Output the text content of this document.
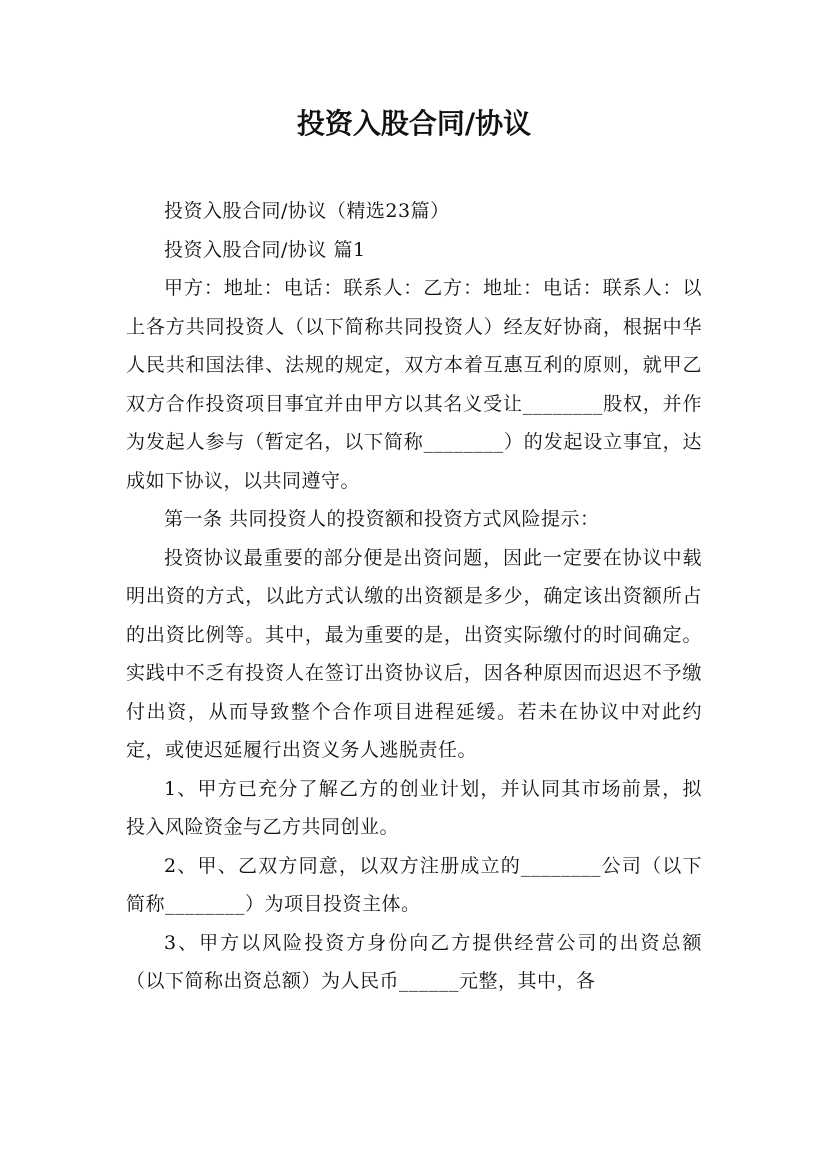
投资入股合同/协议

投资入股合同/协议（精选23篇）

投资入股合同/协议 篇1

甲方：地址：电话：联系人：乙方：地址：电话：联系人：以上各方共同投资人（以下简称共同投资人）经友好协商，根据中华人民共和国法律、法规的规定，双方本着互惠互利的原则，就甲乙双方合作投资项目事宜并由甲方以其名义受让________股权，并作为发起人参与（暂定名，以下简称________）的发起设立事宜，达成如下协议，以共同遵守。

第一条 共同投资人的投资额和投资方式风险提示：

投资协议最重要的部分便是出资问题，因此一定要在协议中载明出资的方式，以此方式认缴的出资额是多少，确定该出资额所占的出资比例等。其中，最为重要的是，出资实际缴付的时间确定。实践中不乏有投资人在签订出资协议后，因各种原因而迟迟不予缴付出资，从而导致整个合作项目进程延缓。若未在协议中对此约定，或使迟延履行出资义务人逃脱责任。

1、甲方已充分了解乙方的创业计划，并认同其市场前景，拟投入风险资金与乙方共同创业。

2、甲、乙双方同意，以双方注册成立的________公司（以下简称________）为项目投资主体。

3、甲方以风险投资方身份向乙方提供经营公司的出资总额（以下简称出资总额）为人民币______元整，其中，各
